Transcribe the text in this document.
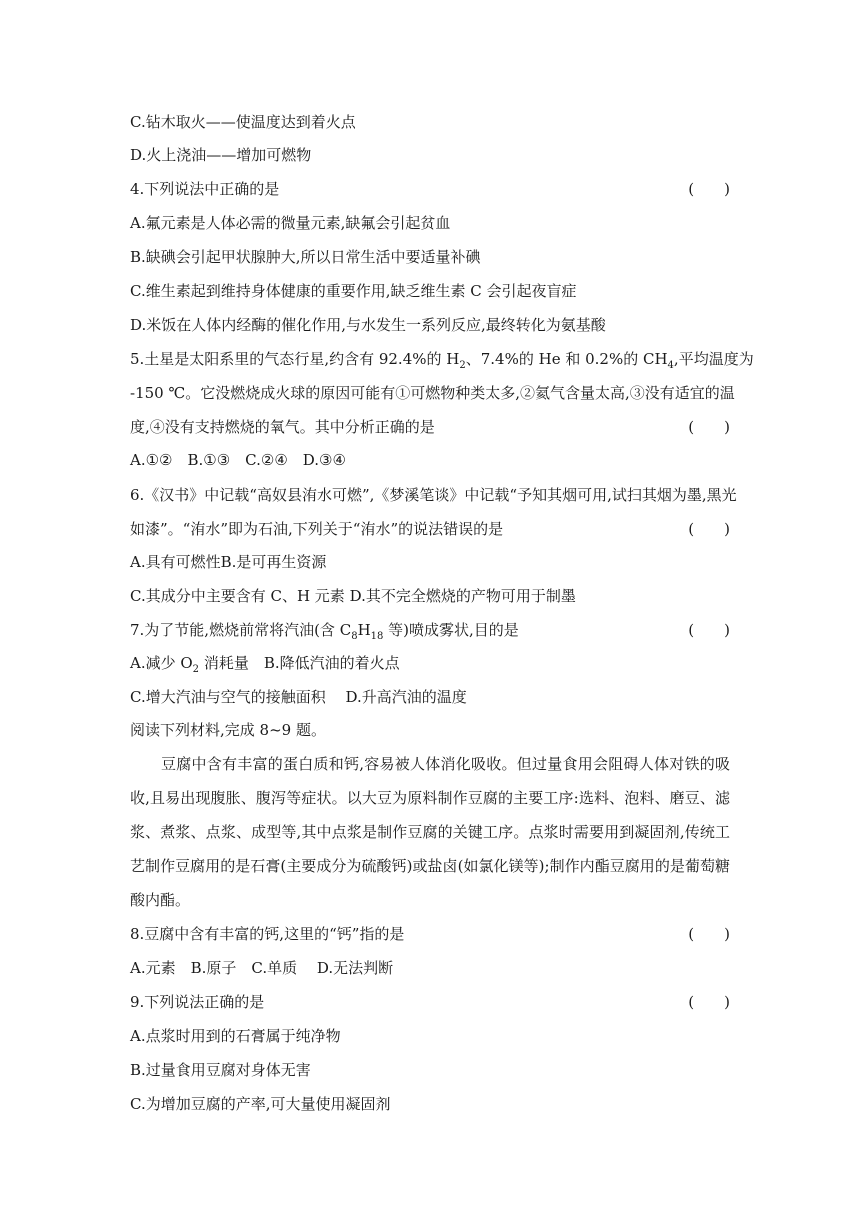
C.钻木取火——使温度达到着火点
D.火上浇油——增加可燃物
4.下列说法中正确的是	(　　)
A.氟元素是人体必需的微量元素,缺氟会引起贫血
B.缺碘会引起甲状腺肿大,所以日常生活中要适量补碘
C.维生素起到维持身体健康的重要作用,缺乏维生素 C 会引起夜盲症
D.米饭在人体内经酶的催化作用,与水发生一系列反应,最终转化为氨基酸
5.土星是太阳系里的气态行星,约含有 92.4%的 $H_2$、7.4%的 He 和 0.2%的 $CH_4$,平均温度为
-150 ℃。它没燃烧成火球的原因可能有①可燃物种类太多,②氦气含量太高,③没有适宜的温
度,④没有支持燃烧的氧气。其中分析正确的是	(　　)
A.①②　B.①③　C.②④　D.③④
6.《汉书》中记载“高奴县洧水可燃”,《梦溪笔谈》中记载“予知其烟可用,试扫其烟为墨,黑光
如漆”。“洧水”即为石油,下列关于“洧水”的说法错误的是	(　　)
A.具有可燃性B.是可再生资源
C.其成分中主要含有 C、H 元素 D.其不完全燃烧的产物可用于制墨
7.为了节能,燃烧前常将汽油(含 $C_8H_{18}$ 等)喷成雾状,目的是	(　　)
A.减少 $O_2$ 消耗量　B.降低汽油的着火点
C.增大汽油与空气的接触面积　 D.升高汽油的温度
阅读下列材料,完成 8~9 题。
豆腐中含有丰富的蛋白质和钙,容易被人体消化吸收。但过量食用会阻碍人体对铁的吸收,且易出现腹胀、腹泻等症状。以大豆为原料制作豆腐的主要工序:选料、泡料、磨豆、滤浆、煮浆、点浆、成型等,其中点浆是制作豆腐的关键工序。点浆时需要用到凝固剂,传统工艺制作豆腐用的是石膏(主要成分为硫酸钙)或盐卤(如氯化镁等);制作内酯豆腐用的是葡萄糖酸内酯。
8.豆腐中含有丰富的钙,这里的“钙”指的是	(　　)
A.元素　B.原子　C.单质　 D.无法判断
9.下列说法正确的是	(　　)
A.点浆时用到的石膏属于纯净物
B.过量食用豆腐对身体无害
C.为增加豆腐的产率,可大量使用凝固剂
